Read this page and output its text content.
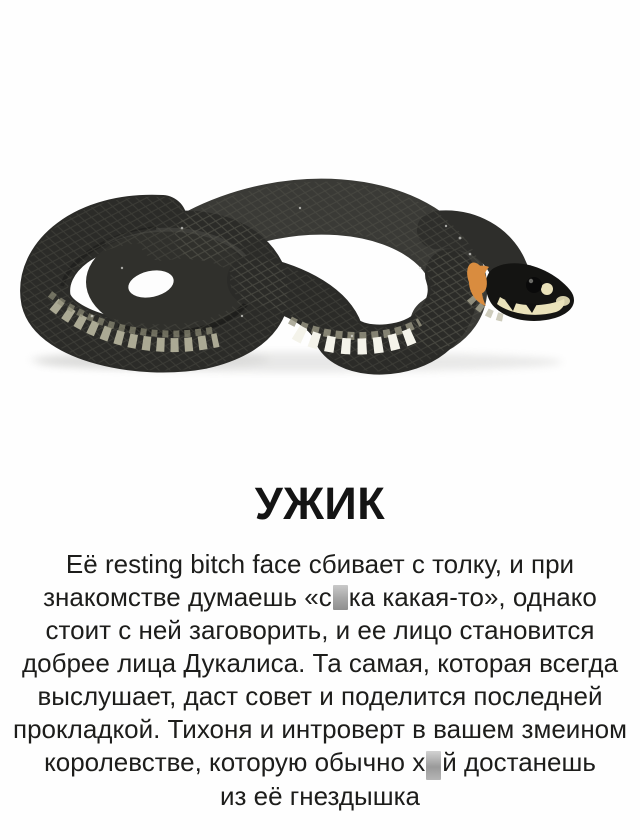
УЖИК
Её resting bitch face сбивает с толку, и при
знакомстве думаешь «с ка какая-то», однако
стоит с ней заговорить, и ее лицо становится
добрее лица Дукалиса. Та самая, которая всегда
выслушает, даст совет и поделится последней
прокладкой. Тихоня и интроверт в вашем змеином
королевстве, которую обычно х й достанешь
из её гнездышка
